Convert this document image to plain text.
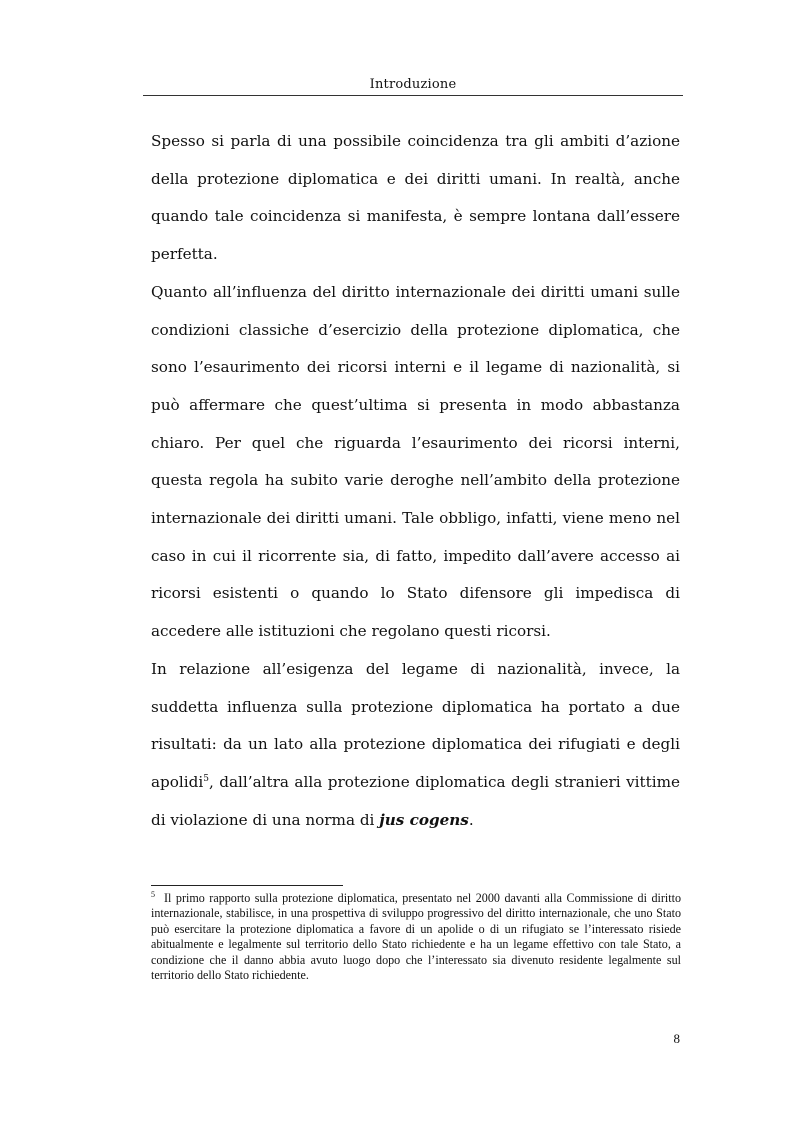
Introduzione

Spesso si parla di una possibile coincidenza tra gli ambiti d’azione della protezione diplomatica e dei diritti umani. In realtà, anche quando tale coincidenza si manifesta, è sempre lontana dall’essere perfetta.

Quanto all’influenza del diritto internazionale dei diritti umani sulle condizioni classiche d’esercizio della protezione diplomatica, che sono l’esaurimento dei ricorsi interni e il legame di nazionalità, si può affermare che quest’ultima si presenta in modo abbastanza chiaro. Per quel che riguarda l’esaurimento dei ricorsi interni, questa regola ha subito varie deroghe nell’ambito della protezione internazionale dei diritti umani. Tale obbligo, infatti, viene meno nel caso in cui il ricorrente sia, di fatto, impedito dall’avere accesso ai ricorsi esistenti o quando lo Stato difensore gli impedisca di accedere alle istituzioni che regolano questi ricorsi.

In relazione all’esigenza del legame di nazionalità, invece, la suddetta influenza sulla protezione diplomatica ha portato a due risultati: da un lato alla protezione diplomatica dei rifugiati e degli apolidi$^5$, dall’altra alla protezione diplomatica degli stranieri vittime di violazione di una norma di jus cogens.

$^5$ Il primo rapporto sulla protezione diplomatica, presentato nel 2000 davanti alla Commissione di diritto internazionale, stabilisce, in una prospettiva di sviluppo progressivo del diritto internazionale, che uno Stato può esercitare la protezione diplomatica a favore di un apolide o di un rifugiato se l’interessato risiede abitualmente e legalmente sul territorio dello Stato richiedente e ha un legame effettivo con tale Stato, a condizione che il danno abbia avuto luogo dopo che l’interessato sia divenuto residente legalmente sul territorio dello Stato richiedente.
8
